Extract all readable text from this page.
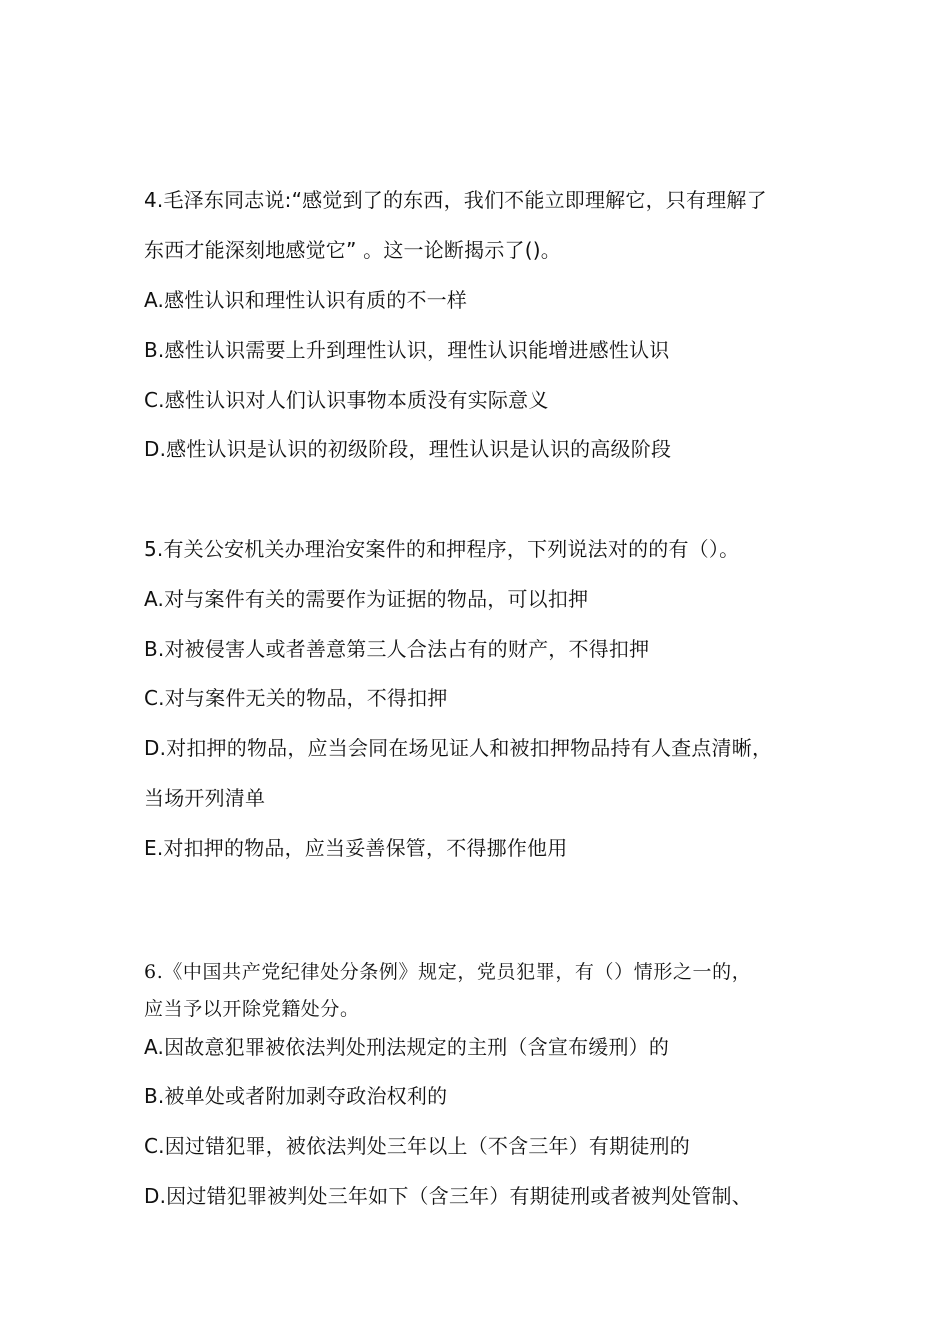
4.毛泽东同志说:“感觉到了的东西，我们不能立即理解它，只有理解了
东西才能深刻地感觉它” 。这一论断揭示了()。
A.感性认识和理性认识有质的不一样
B.感性认识需要上升到理性认识，理性认识能增进感性认识
C.感性认识对人们认识事物本质没有实际意义
D.感性认识是认识的初级阶段，理性认识是认识的高级阶段
5.有关公安机关办理治安案件的和押程序，下列说法对的的有（）。
A.对与案件有关的需要作为证据的物品，可以扣押
B.对被侵害人或者善意第三人合法占有的财产，不得扣押
C.对与案件无关的物品，不得扣押
D.对扣押的物品，应当会同在场见证人和被扣押物品持有人查点清晰，
当场开列清单
E.对扣押的物品，应当妥善保管，不得挪作他用
6.《中国共产党纪律处分条例》规定，党员犯罪，有（）情形之一的，
应当予以开除党籍处分。
A.因故意犯罪被依法判处刑法规定的主刑（含宣布缓刑）的
B.被单处或者附加剥夺政治权利的
C.因过错犯罪，被依法判处三年以上（不含三年）有期徒刑的
D.因过错犯罪被判处三年如下（含三年）有期徒刑或者被判处管制、
